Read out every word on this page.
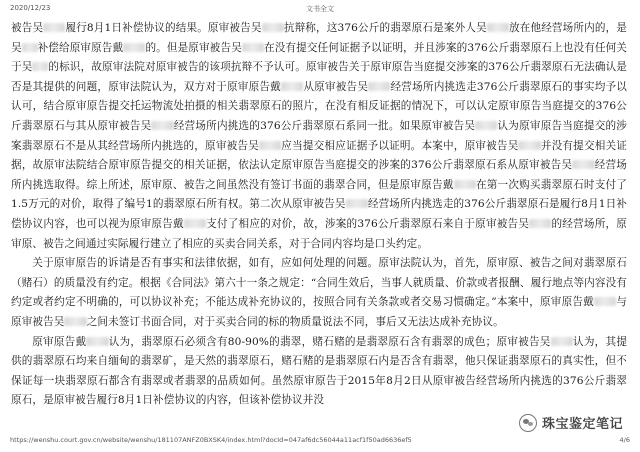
2020/12/23	文书全文

被告吴 履行8月1日补偿协议的结果。原审被告吴 抗辩称，这376公斤的翡翠原石是案外人吴 放在他经营场所内的，是吴 补偿给原审原告戴 的。但是原审被告吴 在没有提交任何证据予以证明，并且涉案的376公斤翡翠原石上也没有任何关于吴 的标识，故原审法院对原审被告的该项抗辩不予认可。原审被告关于原审原告当庭提交涉案的376公斤翡翠原石无法确认是否是其提供的问题，原审法院认为，双方对于原审原告戴 从原审被告吴 经营场所内挑选走376公斤翡翠原石的事实均予以认可，结合原审原告提交托运物流处拍摄的相关翡翠原石的照片，在没有相反证据的情况下，可以认定原审原告当庭提交的376公斤翡翠原石与其从原审被告吴 经营场所内挑选的376公斤翡翠原石系同一批。如果原审被告吴 认为原审原告当庭提交的涉案翡翠原石不是从其经营场所内挑选的，原审被告吴 应当提交相应证据予以证明。本案中，原审被告吴 并没有提交相关证据，故原审法院结合原审原告提交的相关证据，依法认定原审原告当庭提交的涉案的376公斤翡翠原石系从原审被告吴 经营场所内挑选取得。综上所述，原审原、被告之间虽然没有签订书面的翡翠合同，但是原审原告戴 在第一次购买翡翠原石时支付了1.5万元的对价，取得了编号1的翡翠原石所有权。第二次从原审被告吴 经营场所内挑选走的376公斤翡翠原石是履行8月1日补偿协议内容，也可以视为原审原告戴 支付了相应的对价，故，涉案的376公斤翡翠原石来自于原审被告吴 的经营场所，原审原、被告之间通过实际履行建立了相应的买卖合同关系，对于合同内容均是口头约定。

关于原审原告的诉请是否有事实和法律依据，如有，应如何处理的问题。原审法院认为，首先，原审原、被告之间对翡翠原石（赌石）的质量没有约定。根据《合同法》第六十一条之规定：“合同生效后，当事人就质量、价款或者报酬、履行地点等内容没有约定或者约定不明确的，可以协议补充；不能达成补充协议的，按照合同有关条款或者交易习惯确定。”本案中，原审原告戴 与原审被告吴 之间未签订书面合同，对于买卖合同的标的物质量说法不同，事后又无法达成补充协议。

原审原告戴 认为，翡翠原石必须含有80-90%的翡翠，赌石赌的是翡翠原石含有翡翠的成色；原审被告吴 认为，其提供的翡翠原石均来自缅甸的翡翠矿，是天然的翡翠原石，赌石赌的是翡翠原石内是否含有翡翠，他只保证翡翠原石的真实性，但不保证每一块翡翠原石都含有翡翠或者翡翠的品质如何。虽然原审原告于2015年8月2日从原审被告经营场所内挑选的376公斤翡翠原石，是原审被告履行8月1日补偿协议的内容，但该补偿协议并没

珠宝鉴定笔记
https://wenshu.court.gov.cn/website/wenshu/181107ANFZ0BXSK4/index.html?docId=047af6dc56044a11acf1f50ad6636ef5	4/6
